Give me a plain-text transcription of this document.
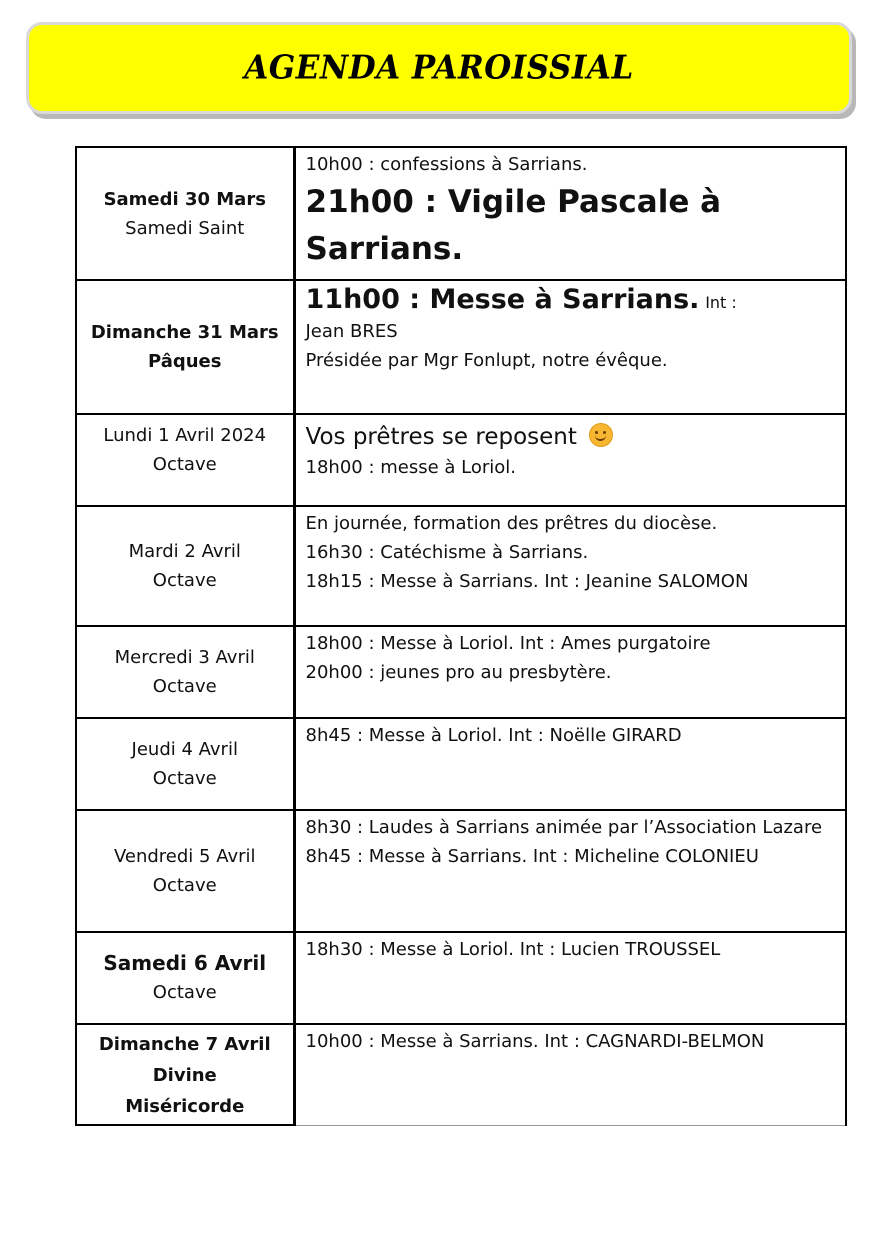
AGENDA PAROISSIAL
Samedi 30 Mars
Samedi Saint	10h00 : confessions à Sarrians.
21h00 : Vigile Pascale à Sarrians.

Dimanche 31 Mars
Pâques	11h00 : Messe à Sarrians. Int :
Jean BRES
Présidée par Mgr Fonlupt, notre évêque.

Lundi 1 Avril 2024
Octave	Vos prêtres se reposent
18h00 : messe à Loriol.

Mardi 2 Avril
Octave	En journée, formation des prêtres du diocèse.
16h30 : Catéchisme à Sarrians.
18h15 : Messe à Sarrians. Int : Jeanine SALOMON

Mercredi 3 Avril
Octave	18h00 : Messe à Loriol. Int : Ames purgatoire
20h00 : jeunes pro au presbytère.

Jeudi 4 Avril
Octave	8h45 : Messe à Loriol. Int : Noëlle GIRARD

Vendredi 5 Avril
Octave	8h30 : Laudes à Sarrians animée par l’Association Lazare
8h45 : Messe à Sarrians. Int : Micheline COLONIEU

Samedi 6 Avril
Octave	18h30 : Messe à Loriol. Int : Lucien TROUSSEL

Dimanche 7 Avril
Divine Miséricorde	10h00 : Messe à Sarrians. Int : CAGNARDI-BELMON
